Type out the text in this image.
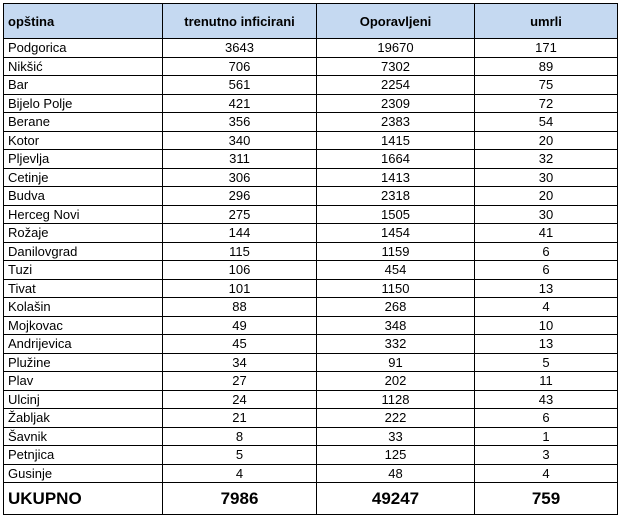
opština	trenutno inficirani	Oporavljeni	umrli
Podgorica	3643	19670	171
Nikšić	706	7302	89
Bar	561	2254	75
Bijelo Polje	421	2309	72
Berane	356	2383	54
Kotor	340	1415	20
Pljevlja	311	1664	32
Cetinje	306	1413	30
Budva	296	2318	20
Herceg Novi	275	1505	30
Rožaje	144	1454	41
Danilovgrad	115	1159	6
Tuzi	106	454	6
Tivat	101	1150	13
Kolašin	88	268	4
Mojkovac	49	348	10
Andrijevica	45	332	13
Plužine	34	91	5
Plav	27	202	11
Ulcinj	24	1128	43
Žabljak	21	222	6
Šavnik	8	33	1
Petnjica	5	125	3
Gusinje	4	48	4
UKUPNO	7986	49247	759
